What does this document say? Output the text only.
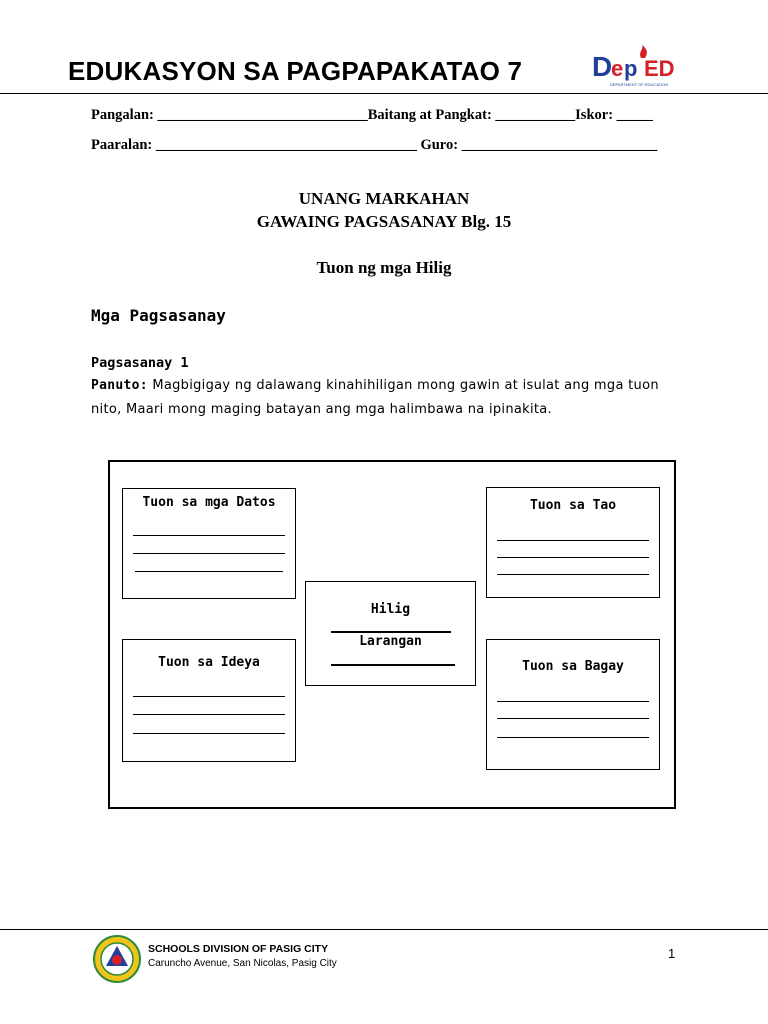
EDUKASYON SA PAGPAPAKATAO 7 D e p ED
DEPARTMENT OF EDUCATION
Pangalan: _____________________________Baitang at Pangkat: ___________Iskor: _____
Paaralan: ____________________________________ Guro: ___________________________
UNANG MARKAHAN
GAWAING PAGSASANAY Blg. 15
Tuon ng mga Hilig
Mga Pagsasanay
Pagsasanay 1
Panuto: Magbigigay ng dalawang kinahihiligan mong gawin at isulat ang mga tuon nito, Maari mong maging batayan ang mga halimbawa na ipinakita.
Tuon sa mga Datos	Tuon sa Tao
Hilig
Larangan
Tuon sa Ideya	Tuon sa Bagay
SCHOOLS DIVISION OF PASIG CITY
Caruncho Avenue, San Nicolas, Pasig City
1
